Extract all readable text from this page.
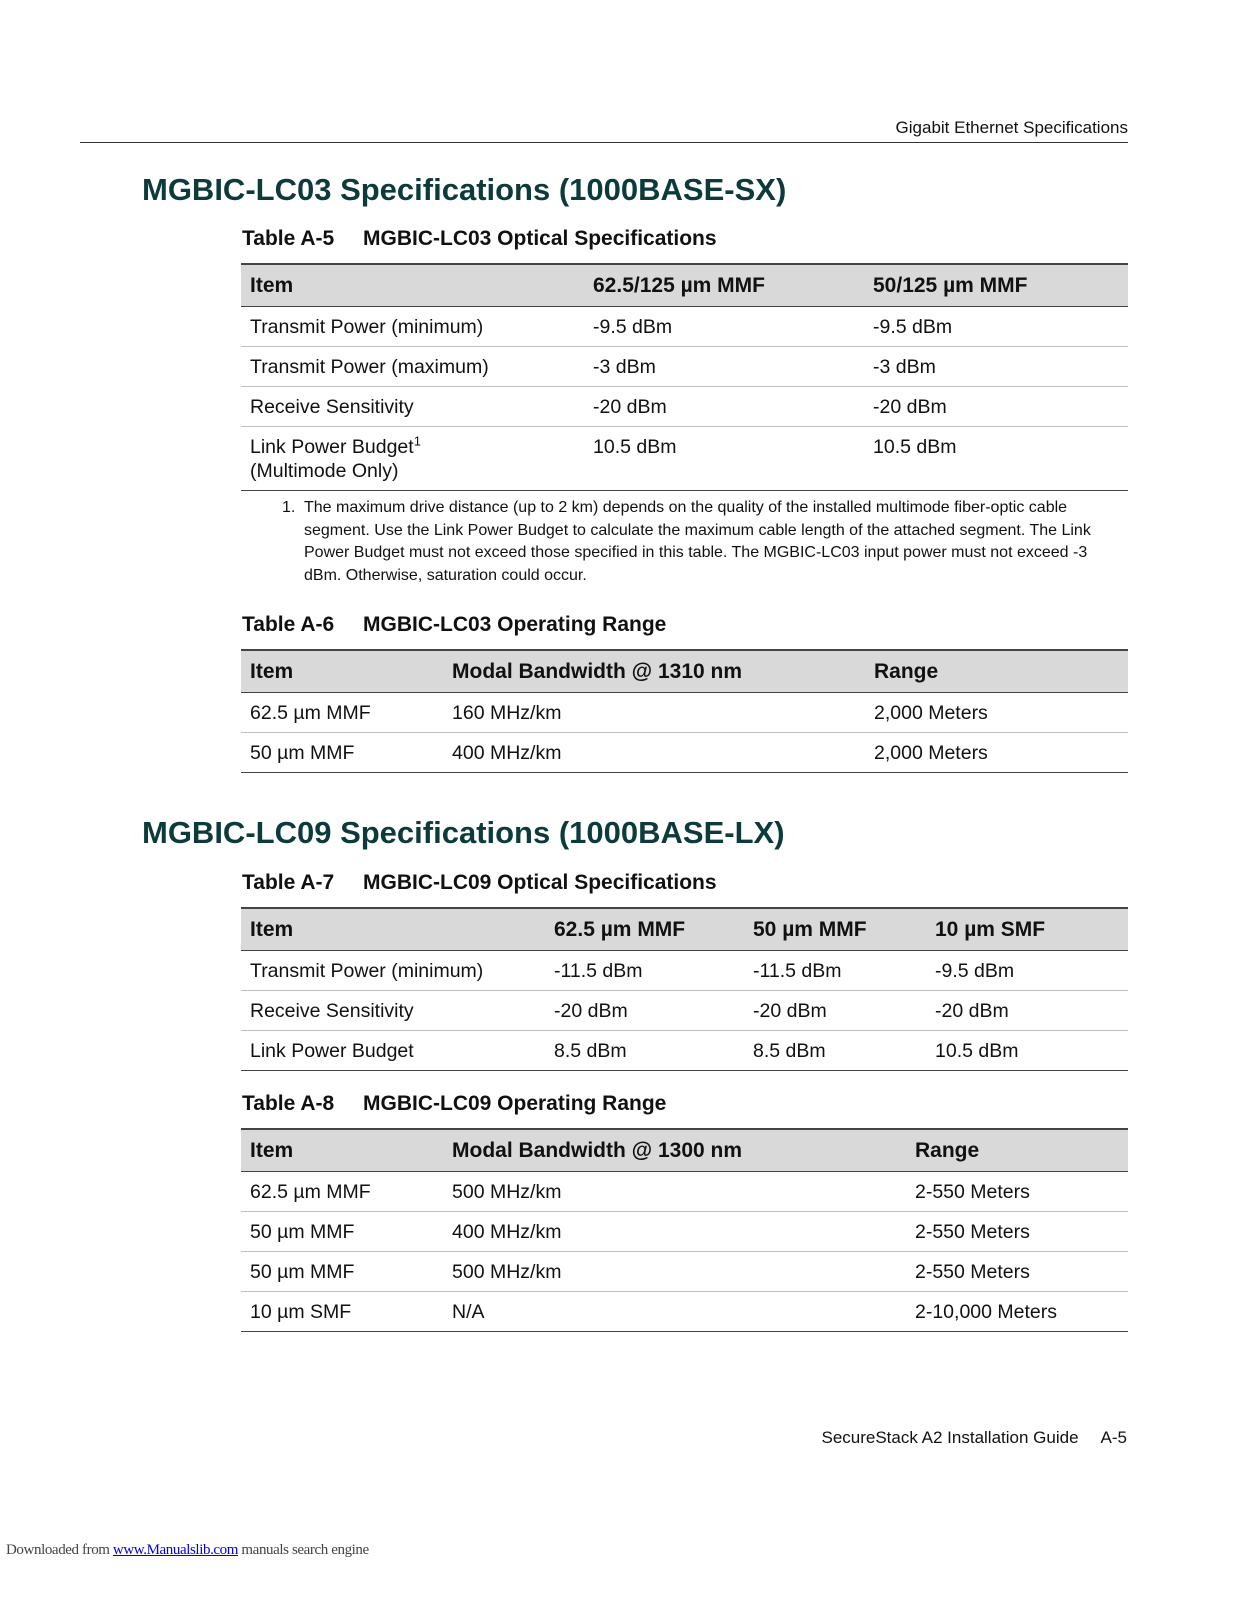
Gigabit Ethernet Specifications
MGBIC-LC03 Specifications (1000BASE-SX)
Table A-5 MGBIC-LC03 Optical Specifications
Item	62.5/125 µm MMF	50/125 µm MMF
Transmit Power (minimum)	-9.5 dBm	-9.5 dBm
Transmit Power (maximum)	-3 dBm	-3 dBm
Receive Sensitivity	-20 dBm	-20 dBm
Link Power Budget$^1$
(Multimode Only)	10.5 dBm	10.5 dBm

1. The maximum drive distance (up to 2 km) depends on the quality of the installed multimode fiber-optic cable segment. Use the Link Power Budget to calculate the maximum cable length of the attached segment. The Link Power Budget must not exceed those specified in this table. The MGBIC-LC03 input power must not exceed -3 dBm. Otherwise, saturation could occur.

Table A-6 MGBIC-LC03 Operating Range
Item	Modal Bandwidth @ 1310 nm	Range
62.5 µm MMF	160 MHz/km	2,000 Meters
50 µm MMF	400 MHz/km	2,000 Meters
MGBIC-LC09 Specifications (1000BASE-LX)
Table A-7 MGBIC-LC09 Optical Specifications
Item	62.5 µm MMF	50 µm MMF	10 µm SMF
Transmit Power (minimum)	-11.5 dBm	-11.5 dBm	-9.5 dBm
Receive Sensitivity	-20 dBm	-20 dBm	-20 dBm
Link Power Budget	8.5 dBm	8.5 dBm	10.5 dBm
Table A-8 MGBIC-LC09 Operating Range
Item	Modal Bandwidth @ 1300 nm	Range
62.5 µm MMF	500 MHz/km	2-550 Meters
50 µm MMF	400 MHz/km	2-550 Meters
50 µm MMF	500 MHz/km	2-550 Meters
10 µm SMF	N/A	2-10,000 Meters
SecureStack A2 Installation Guide A-5
Downloaded from www.Manualslib.com manuals search engine
